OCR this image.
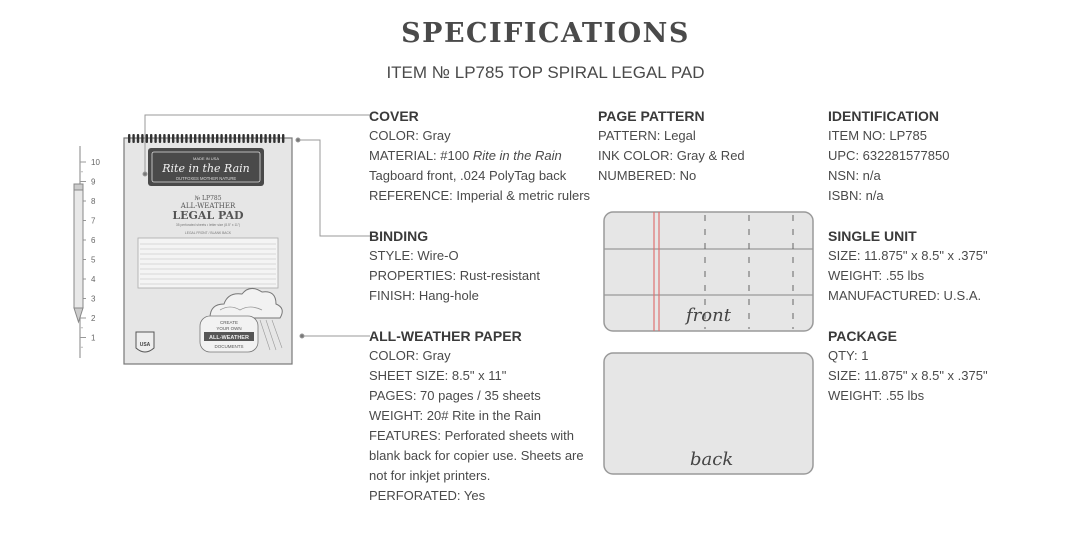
SPECIFICATIONS
ITEM № LP785 TOP SPIRAL LEGAL PAD
10
9
8
7
6
5
4
3
2
1
MADE IN USA
Rite in the Rain
OUTFOXES MOTHER NATURE
№ LP785
ALL-WEATHER
LEGAL PAD
35 perforated sheets • letter size (8.5" x 11")
LEGAL FRONT / BLANK BACK
CREATE
YOUR OWN
ALL-WEATHER
DOCUMENTS
USA
COVER

COLOR: Gray

MATERIAL: #100 Rite in the Rain

Tagboard front, .024 PolyTag back

REFERENCE: Imperial & metric rulers

BINDING

STYLE: Wire-O

PROPERTIES: Rust-resistant

FINISH: Hang-hole

ALL-WEATHER PAPER

COLOR: Gray

SHEET SIZE: 8.5" x 11"

PAGES: 70 pages / 35 sheets

WEIGHT: 20# Rite in the Rain

FEATURES: Perforated sheets with blank back for copier use. Sheets are not for inkjet printers.

PERFORATED: Yes

PAGE PATTERN

PATTERN: Legal

INK COLOR: Gray & Red

NUMBERED: No

front
back
IDENTIFICATION

ITEM NO: LP785

UPC: 632281577850

NSN: n/a

ISBN: n/a

SINGLE UNIT

SIZE: 11.875" x 8.5" x .375"

WEIGHT: .55 lbs

MANUFACTURED: U.S.A.

PACKAGE

QTY: 1

SIZE: 11.875" x 8.5" x .375"

WEIGHT: .55 lbs
